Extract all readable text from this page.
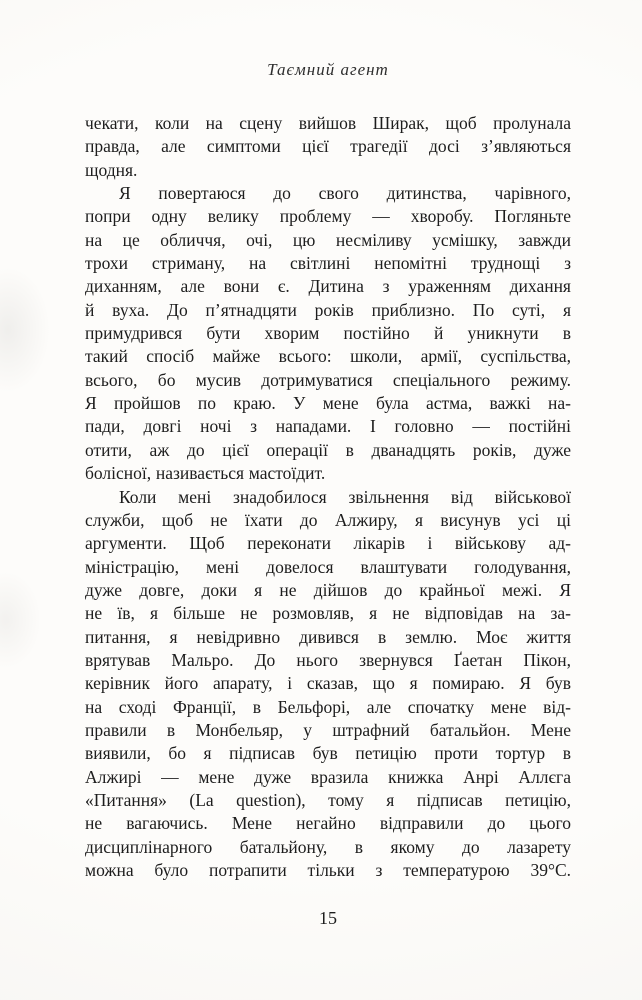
Таємний агент
чекати, коли на сцену вийшов Ширак, щоб пролунала
правда, але симптоми цієї трагедії досі з’являються
щодня.
Я повертаюся до свого дитинства, чарівного,
попри одну велику проблему — хворобу. Погляньте
на це обличчя, очі, цю несміливу усмішку, завжди
трохи стриману, на світлині непомітні труднощі з
диханням, але вони є. Дитина з ураженням дихання
й вуха. До п’ятнадцяти років приблизно. По суті, я
примудрився бути хворим постійно й уникнути в
такий спосіб майже всього: школи, армії, суспільства,
всього, бо мусив дотримуватися спеціального режиму.
Я пройшов по краю. У мене була астма, важкі на-
пади, довгі ночі з нападами. І головно — постійні
отити, аж до цієї операції в дванадцять років, дуже
болісної, називається мастоїдит.
Коли мені знадобилося звільнення від військової
служби, щоб не їхати до Алжиру, я висунув усі ці
аргументи. Щоб переконати лікарів і військову ад-
міністрацію, мені довелося влаштувати голодування,
дуже довге, доки я не дійшов до крайньої межі. Я
не їв, я більше не розмовляв, я не відповідав на за-
питання, я невідривно дивився в землю. Моє життя
врятував Мальро. До нього звернувся Ґаетан Пікон,
керівник його апарату, і сказав, що я помираю. Я був
на сході Франції, в Бельфорі, але спочатку мене від-
правили в Монбельяр, у штрафний батальйон. Мене
виявили, бо я підписав був петицію проти тортур в
Алжирі — мене дуже вразила книжка Анрі Аллєга
«Питання» (La question), тому я підписав петицію,
не вагаючись. Мене негайно відправили до цього
дисциплінарного батальйону, в якому до лазарету
можна було потрапити тільки з температурою 39°С.
15
